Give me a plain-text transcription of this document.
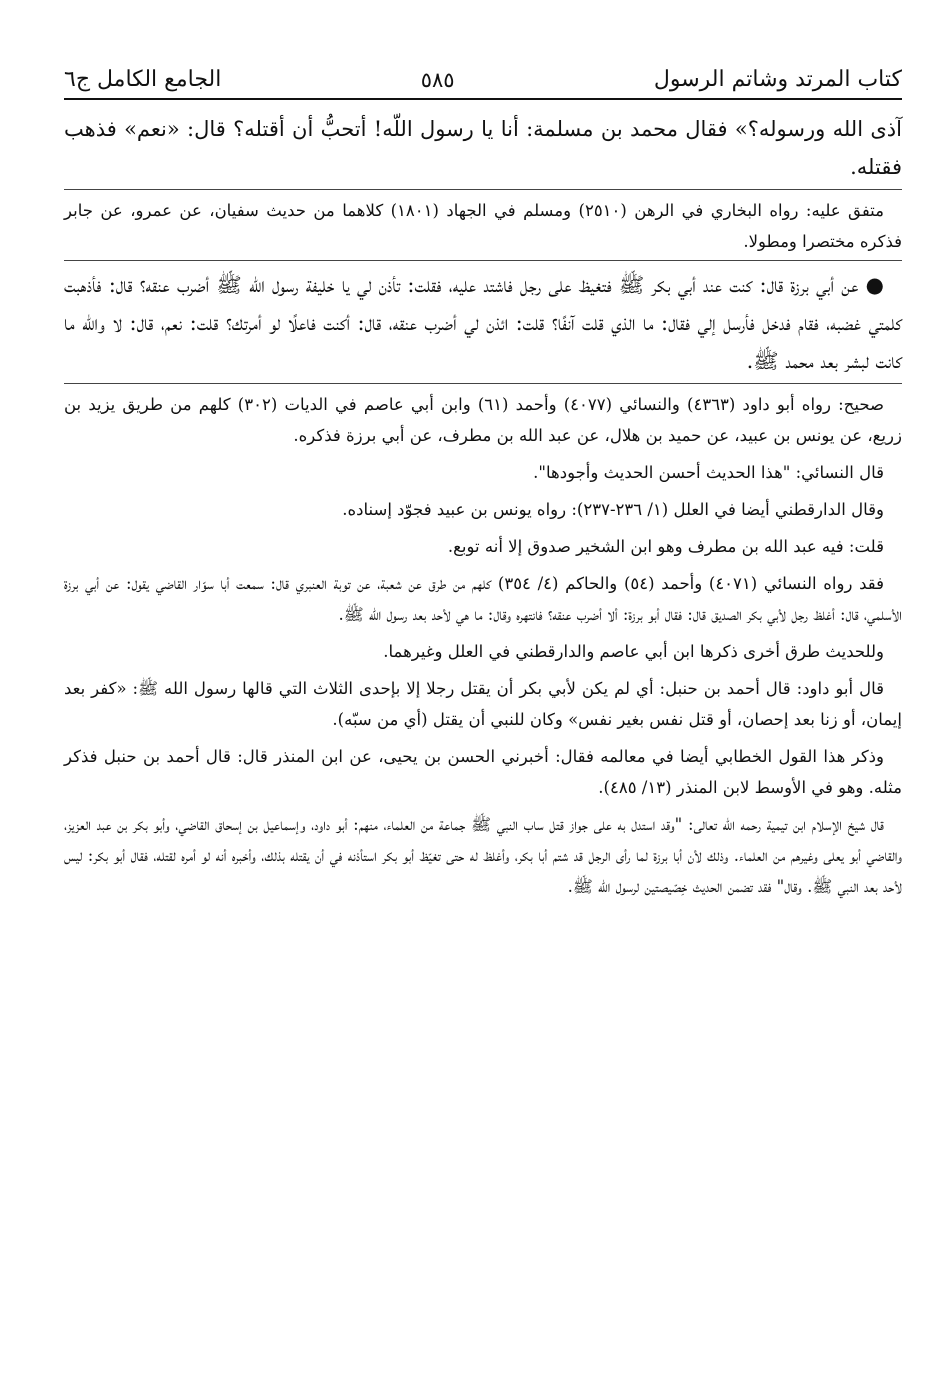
كتاب المرتد وشاتم الرسول
٥٨٥
الجامع الكامل ج٦

آذى الله ورسوله؟» فقال محمد بن مسلمة: أنا يا رسول اللّه! أتحبُّ أن أقتله؟ قال: «نعم» فذهب فقتله.

متفق عليه: رواه البخاري في الرهن (٢٥١٠) ومسلم في الجهاد (١٨٠١) كلاهما من حديث سفيان، عن عمرو، عن جابر فذكره مختصرا ومطولا.

● عن أبي برزة قال: كنت عند أبي بكر ﷺ فتغيظ على رجل فاشتد عليه، فقلت: تأذن لي يا خليفة رسول الله ﷺ أضرب عنقه؟ قال: فأذهبت كلمتي غضبه، فقام فدخل فأرسل إلي فقال: ما الذي قلت آنفًا؟ قلت: ائذن لي أضرب عنقه، قال: أكنت فاعلًا لو أمرتك؟ قلت: نعم، قال: لا والله ما كانت لبشر بعد محمد ﷺ.

صحيح: رواه أبو داود (٤٣٦٣) والنسائي (٤٠٧٧) وأحمد (٦١) وابن أبي عاصم في الديات (٣٠٢) كلهم من طريق يزيد بن زريع، عن يونس بن عبيد، عن حميد بن هلال، عن عبد الله بن مطرف، عن أبي برزة فذكره.

قال النسائي: "هذا الحديث أحسن الحديث وأجودها".

وقال الدارقطني أيضا في العلل (١/ ٢٣٦-٢٣٧): رواه يونس بن عبيد فجوّد إسناده.

قلت: فيه عبد الله بن مطرف وهو ابن الشخير صدوق إلا أنه توبع.

فقد رواه النسائي (٤٠٧١) وأحمد (٥٤) والحاكم (٤/ ٣٥٤) كلهم من طرق عن شعبة، عن توبة العنبري قال: سمعت أبا سوّار القاضي يقول: عن أبي برزة الأسلمي، قال: أغلظ رجل لأبي بكر الصديق قال: فقال أبو برزة: ألا أضرب عنقه؟ فانتهره وقال: ما هي لأحد بعد رسول الله ﷺ.

وللحديث طرق أخرى ذكرها ابن أبي عاصم والدارقطني في العلل وغيرهما.

قال أبو داود: قال أحمد بن حنبل: أي لم يكن لأبي بكر أن يقتل رجلا إلا بإحدى الثلاث التي قالها رسول الله ﷺ: «كفر بعد إيمان، أو زنا بعد إحصان، أو قتل نفس بغير نفس» وكان للنبي أن يقتل (أي من سبّه).

وذكر هذا القول الخطابي أيضا في معالمه فقال: أخبرني الحسن بن يحيى، عن ابن المنذر قال: قال أحمد بن حنبل فذكر مثله. وهو في الأوسط لابن المنذر (١٣/ ٤٨٥).

قال شيخ الإسلام ابن تيمية رحمه الله تعالى: "وقد استدل به على جواز قتل ساب النبي ﷺ جماعة من العلماء، منهم: أبو داود، وإسماعيل بن إسحاق القاضي، وأبو بكر بن عبد العزيز، والقاضي أبو يعلى وغيرهم من العلماء. وذلك لأن أبا برزة لما رأى الرجل قد شتم أبا بكر، وأغلظ له حتى تغيّظ أبو بكر استأذنه في أن يقتله بذلك، وأخبره أنه لو أمره لقتله، فقال أبو بكر: ليس لأحد بعد النبي ﷺ. وقال" فقد تضمن الحديث خِصّيصتين لرسول الله ﷺ.
